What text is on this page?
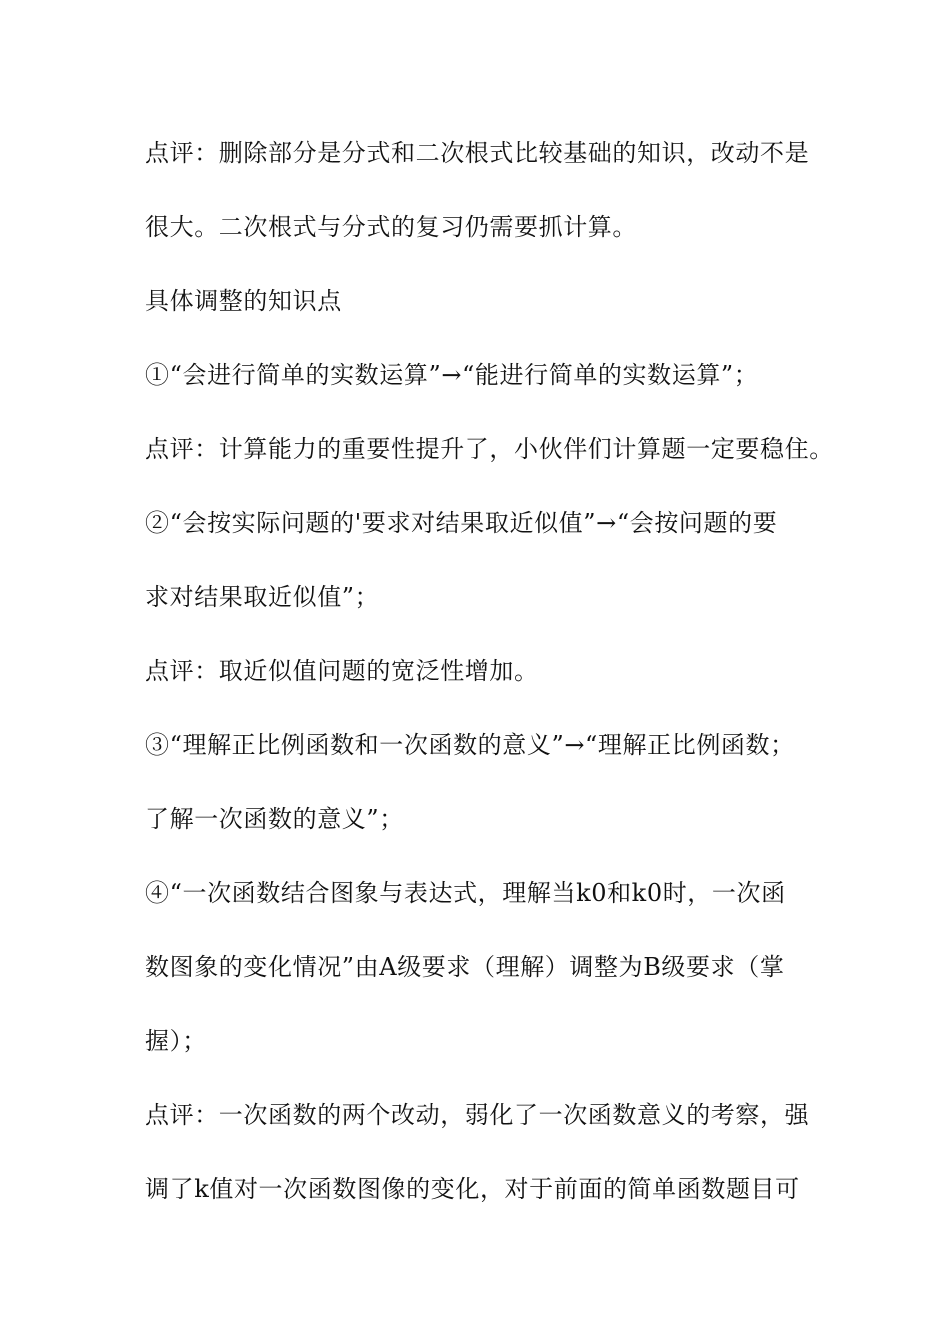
点评：删除部分是分式和二次根式比较基础的知识，改动不是
很大。二次根式与分式的复习仍需要抓计算。
具体调整的知识点
①“会进行简单的实数运算”→“能进行简单的实数运算”；
点评：计算能力的重要性提升了，小伙伴们计算题一定要稳住。
②“会按实际问题的'要求对结果取近似值”→“会按问题的要
求对结果取近似值”；
点评：取近似值问题的宽泛性增加。
③“理解正比例函数和一次函数的意义”→“理解正比例函数；
了解一次函数的意义”；
④“一次函数结合图象与表达式，理解当k0和k0时，一次函
数图象的变化情况”由A级要求（理解）调整为B级要求（掌
握）；
点评：一次函数的两个改动，弱化了一次函数意义的考察，强
调了k值对一次函数图像的变化，对于前面的简单函数题目可
